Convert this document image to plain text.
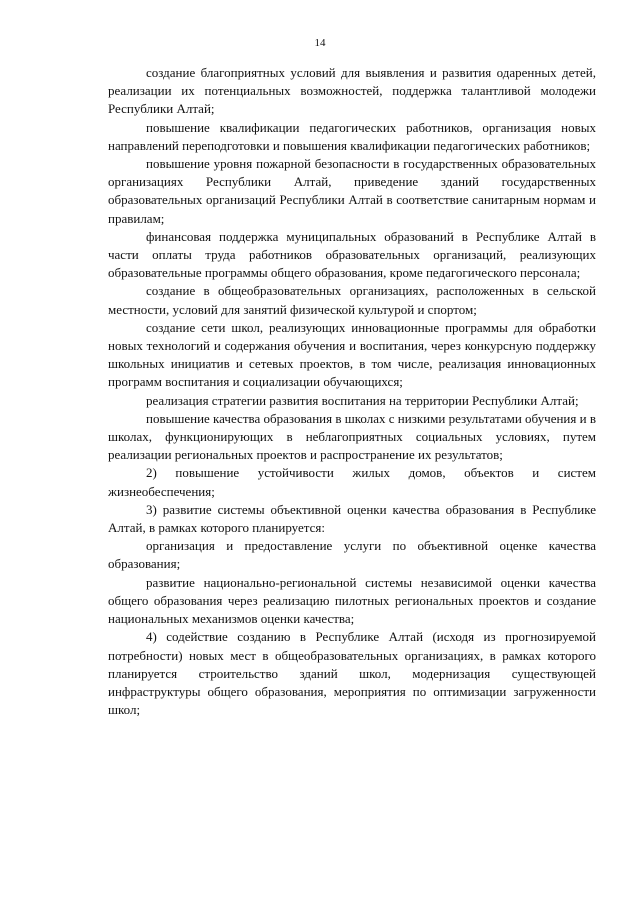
14

создание благоприятных условий для выявления и развития одаренных детей, реализации их потенциальных возможностей, поддержка талантливой молодежи Республики Алтай;

повышение квалификации педагогических работников, организация новых направлений переподготовки и повышения квалификации педагогических работников;

повышение уровня пожарной безопасности в государственных образовательных организациях Республики Алтай, приведение зданий государственных образовательных организаций Республики Алтай в соответствие санитарным нормам и правилам;

финансовая поддержка муниципальных образований в Республике Алтай в части оплаты труда работников образовательных организаций, реализующих образовательные программы общего образования, кроме педагогического персонала;

создание в общеобразовательных организациях, расположенных в сельской местности, условий для занятий физической культурой и спортом;

создание сети школ, реализующих инновационные программы для обработки новых технологий и содержания обучения и воспитания, через конкурсную поддержку школьных инициатив и сетевых проектов, в том числе, реализация инновационных программ воспитания и социализации обучающихся;

реализация стратегии развития воспитания на территории Республики Алтай;

повышение качества образования в школах с низкими результатами обучения и в школах, функционирующих в неблагоприятных социальных условиях, путем реализации региональных проектов и распространение их результатов;

2) повышение устойчивости жилых домов, объектов и систем жизнеобеспечения;

3) развитие системы объективной оценки качества образования в Республике Алтай, в рамках которого планируется:

организация и предоставление услуги по объективной оценке качества образования;

развитие национально-региональной системы независимой оценки качества общего образования через реализацию пилотных региональных проектов и создание национальных механизмов оценки качества;

4) содействие созданию в Республике Алтай (исходя из прогнозируемой потребности) новых мест в общеобразовательных организациях, в рамках которого планируется строительство зданий школ, модернизация существующей инфраструктуры общего образования, мероприятия по оптимизации загруженности школ;
